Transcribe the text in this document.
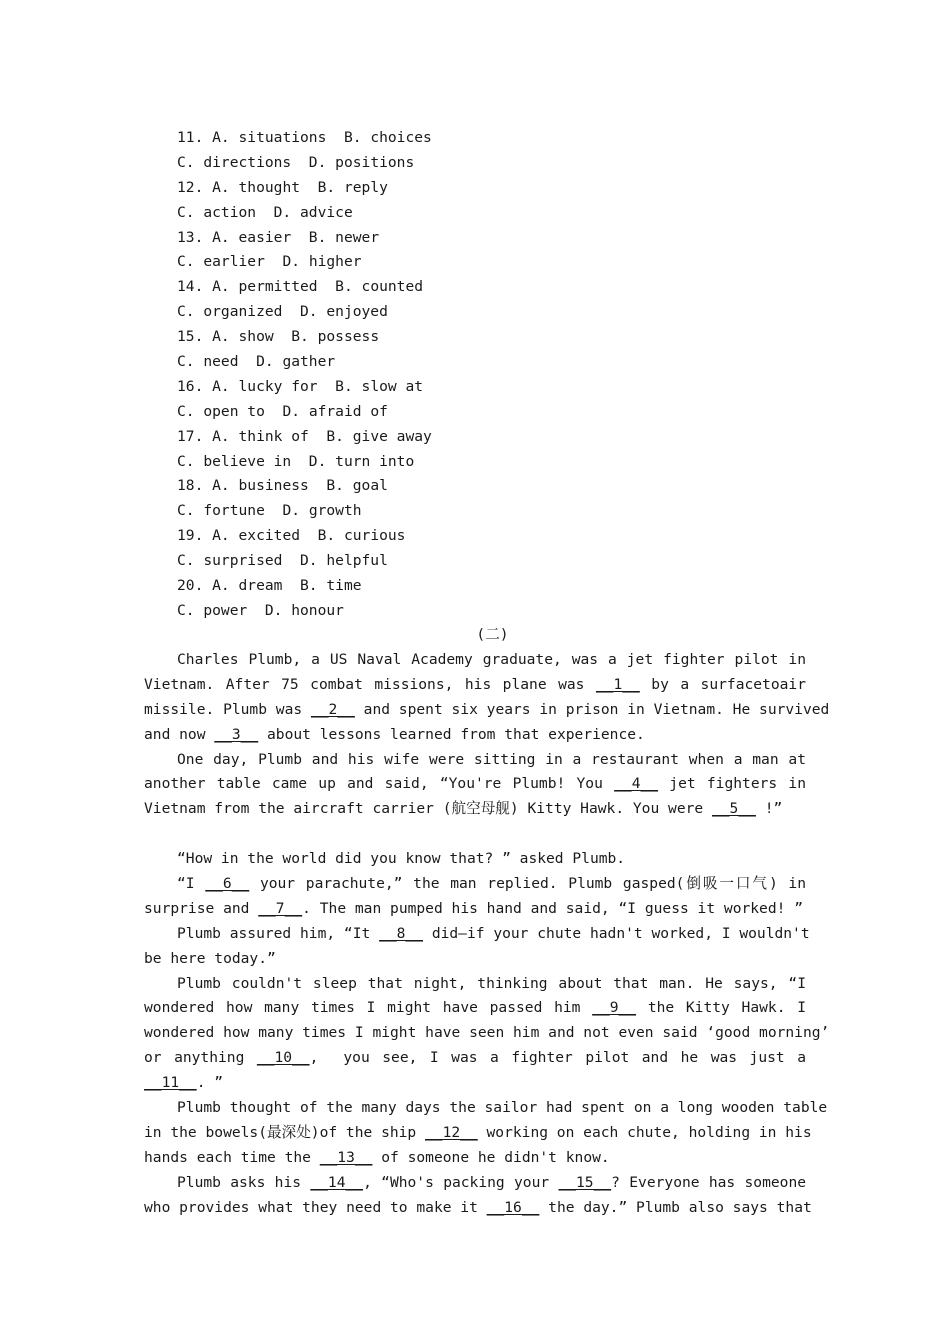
11. A. situations  B. choices
C. directions  D. positions
12. A. thought  B. reply
C. action  D. advice
13. A. easier  B. newer
C. earlier  D. higher
14. A. permitted  B. counted
C. organized  D. enjoyed
15. A. show  B. possess
C. need  D. gather
16. A. lucky for  B. slow at
C. open to  D. afraid of
17. A. think of  B. give away
C. believe in  D. turn into
18. A. business  B. goal
C. fortune  D. growth
19. A. excited  B. curious
C. surprised  D. helpful
20. A. dream  B. time
C. power  D. honour
(二)
Charles Plumb, a US Naval Academy graduate, was a jet fighter pilot in
Vietnam. After 75 combat missions, his plane was __1__ by a surfacetoair
missile. Plumb was __2__ and spent six years in prison in Vietnam. He survived
and now __3__ about lessons learned from that experience.
One day, Plumb and his wife were sitting in a restaurant when a man at
another table came up and said, “You're Plumb! You __4__ jet fighters in
Vietnam from the aircraft carrier (航空母舰) Kitty Hawk. You were __5__ !”
“How in the world did you know that? ” asked Plumb.
“I __6__ your parachute,” the man replied. Plumb gasped(倒吸一口气) in
surprise and __7__. The man pumped his hand and said, “I guess it worked! ”
Plumb assured him, “It __8__ did—if your chute hadn't worked, I wouldn't
be here today.”
Plumb couldn't sleep that night, thinking about that man. He says, “I
wondered how many times I might have passed him __9__ the Kitty Hawk. I
wondered how many times I might have seen him and not even said ‘good morning’
or anything __10__,  you see, I was a fighter pilot and he was just a
__11__. ”
Plumb thought of the many days the sailor had spent on a long wooden table
in the bowels(最深处)of the ship __12__ working on each chute, holding in his
hands each time the __13__ of someone he didn't know.
Plumb asks his __14__, “Who's packing your __15__? Everyone has someone
who provides what they need to make it __16__ the day.” Plumb also says that
